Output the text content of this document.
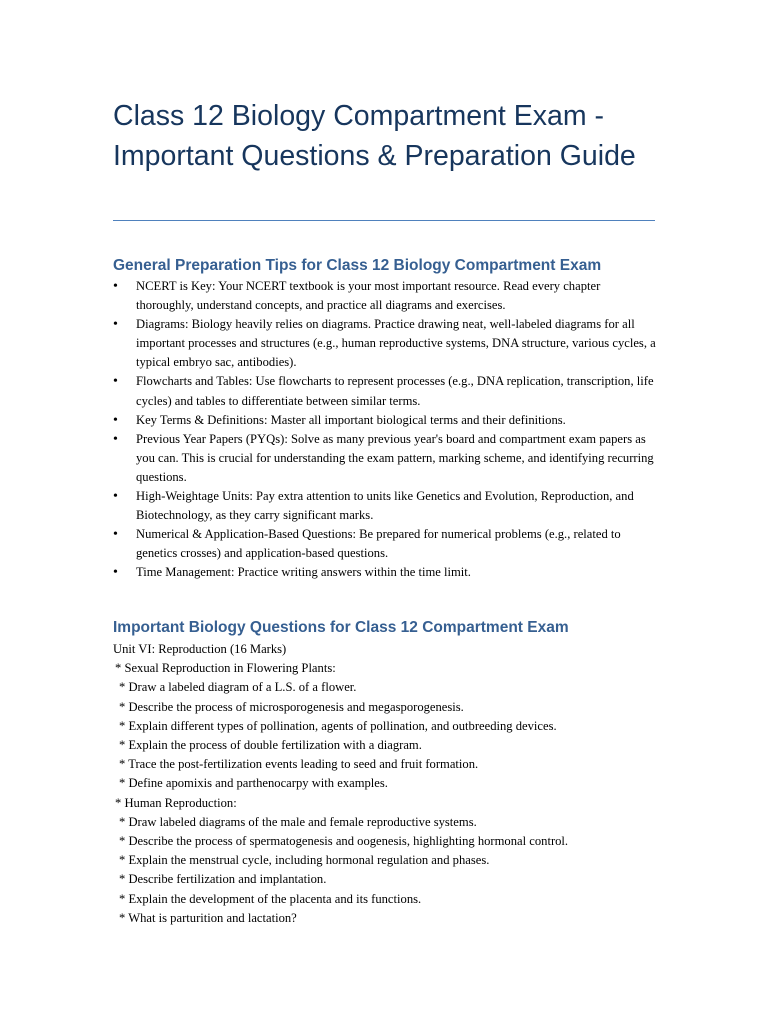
Class 12 Biology Compartment Exam - Important Questions & Preparation Guide
General Preparation Tips for Class 12 Biology Compartment Exam
• NCERT is Key: Your NCERT textbook is your most important resource. Read every chapter thoroughly, understand concepts, and practice all diagrams and exercises.
• Diagrams: Biology heavily relies on diagrams. Practice drawing neat, well-labeled diagrams for all important processes and structures (e.g., human reproductive systems, DNA structure, various cycles, a typical embryo sac, antibodies).
• Flowcharts and Tables: Use flowcharts to represent processes (e.g., DNA replication, transcription, life cycles) and tables to differentiate between similar terms.
• Key Terms & Definitions: Master all important biological terms and their definitions.
• Previous Year Papers (PYQs): Solve as many previous year's board and compartment exam papers as you can. This is crucial for understanding the exam pattern, marking scheme, and identifying recurring questions.
• High-Weightage Units: Pay extra attention to units like Genetics and Evolution, Reproduction, and Biotechnology, as they carry significant marks.
• Numerical & Application-Based Questions: Be prepared for numerical problems (e.g., related to genetics crosses) and application-based questions.
• Time Management: Practice writing answers within the time limit.
Important Biology Questions for Class 12 Compartment Exam
Unit VI: Reproduction (16 Marks)
* Sexual Reproduction in Flowering Plants:
* Draw a labeled diagram of a L.S. of a flower.
* Describe the process of microsporogenesis and megasporogenesis.
* Explain different types of pollination, agents of pollination, and outbreeding devices.
* Explain the process of double fertilization with a diagram.
* Trace the post-fertilization events leading to seed and fruit formation.
* Define apomixis and parthenocarpy with examples.
* Human Reproduction:
* Draw labeled diagrams of the male and female reproductive systems.
* Describe the process of spermatogenesis and oogenesis, highlighting hormonal control.
* Explain the menstrual cycle, including hormonal regulation and phases.
* Describe fertilization and implantation.
* Explain the development of the placenta and its functions.
* What is parturition and lactation?
